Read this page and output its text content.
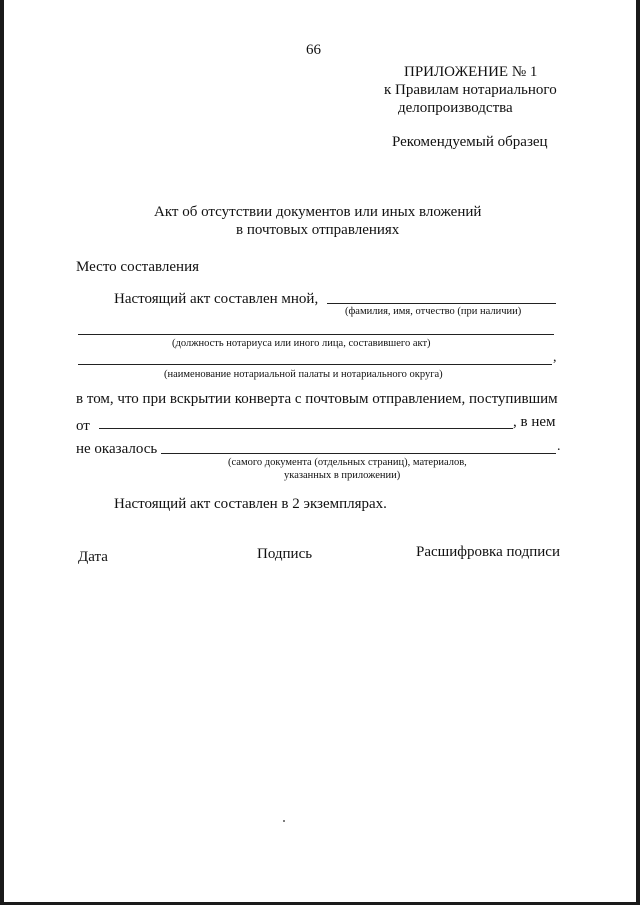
66
ПРИЛОЖЕНИЕ № 1
к Правилам нотариального
делопроизводства
Рекомендуемый образец
Акт об отсутствии документов или иных вложений
в почтовых отправлениях
Место составления
Настоящий акт составлен мной,
(фамилия, имя, отчество (при наличии)
(должность нотариуса или иного лица, составившего акт)
,
(наименование нотариальной палаты и нотариального округа)
в том, что при вскрытии конверта с почтовым отправлением, поступившим
от	, в нем
не оказалось	.
(самого документа (отдельных страниц), материалов,
указанных в приложении)
Настоящий акт составлен в 2 экземплярах.
Дата	Подпись	Расшифровка подписи
